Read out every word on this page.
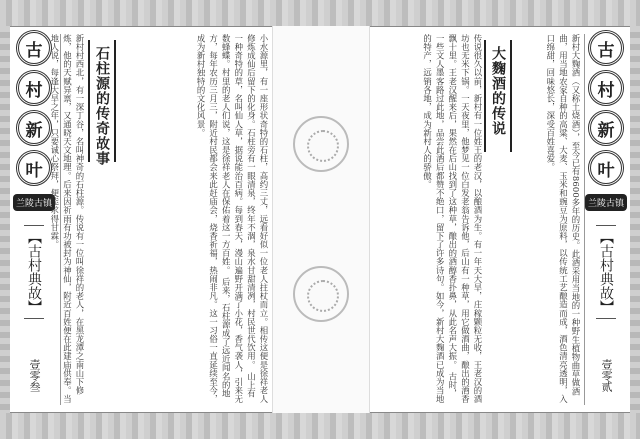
古
村
新
叶
兰陵古镇
【古村典故】
壹零叁
石柱源的传奇故事
新村村西北，有一深丁谷，名叫神奇的石柱源。传说有一位叫徐祥的老人，在黑龙潭之南山下修炼，他的天赋异禀，又通晓天文地理。后来因祈雨有功被封为神仙，附近百姓便在此建庙供奉。当地人说，每逢大旱之年，只要诚心祭拜，便能求得甘霖。	小水源里，有一座形状奇特的石柱，高约三丈，远看好似一位老人拄杖而立。相传这便是徐祥老人修炼成仙后留下的化身。石柱旁有一眼清泉，终年不涸，泉水甘甜清冽，村民世代饮用。 山上有一种奇特的草，名叫仙人草，据说能治百病。每到春天，漫山遍野开满了小花，香气袭人，引来无数蜂蝶。村里的老人们说，这是徐祥老人在保佑着这一方百姓。 后来，石柱源成了远近闻名的地方，每年农历三月三，附近村民都会来此赶庙会，烧香祈福，热闹非凡。这一习俗一直延续至今，成为新村独特的文化风景。	传说很久以前，新村有一位姓王的老汉，以酿酒为生。有一年天大旱，庄稼颗粒无收，王老汉的酒坊也无米下锅。一天夜里，他梦见一位白发老翁告诉他，后山有一种草，用它做酒曲，酿出的酒香飘十里。王老汉醒来后，果然在后山找到了这种草，酿出的酒醇香扑鼻，从此名声大振。 古时，一些文人墨客路过此地，品尝此酒后都赞不绝口，留下了许多诗句。如今，新村大麴酒已成为当地的特产，远销各地，成为新村人的骄傲。	大麴酒的传说	新村大麴酒（又称土烧酒），至今已有8600多年的历史。此酒采用当地的一种野生植物曲草做酒曲，用当地农家自种的高粱、大麦、玉米和豌豆为原料，以传统工艺酿造而成，酒色清亮透明，入口绵甜，回味悠长，深受百姓喜爱。	古
村
新
叶
兰陵古镇
【古村典故】
壹零贰
